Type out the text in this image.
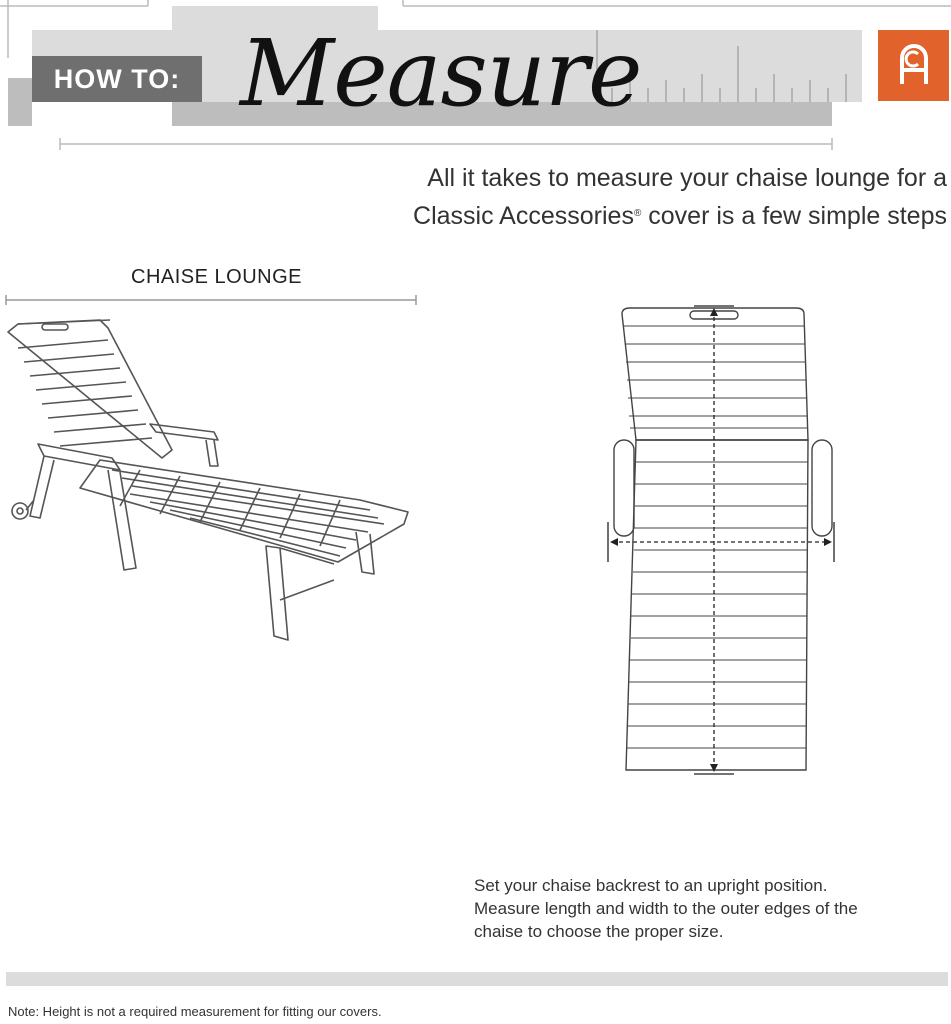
HOW TO: Measure
All it takes to measure your chaise lounge for a
Classic Accessories® cover is a few simple steps
CHAISE LOUNGE
Set your chaise backrest to an upright position.
Measure length and width to the outer edges of the
chaise to choose the proper size.
Note: Height is not a required measurement for fitting our covers.
